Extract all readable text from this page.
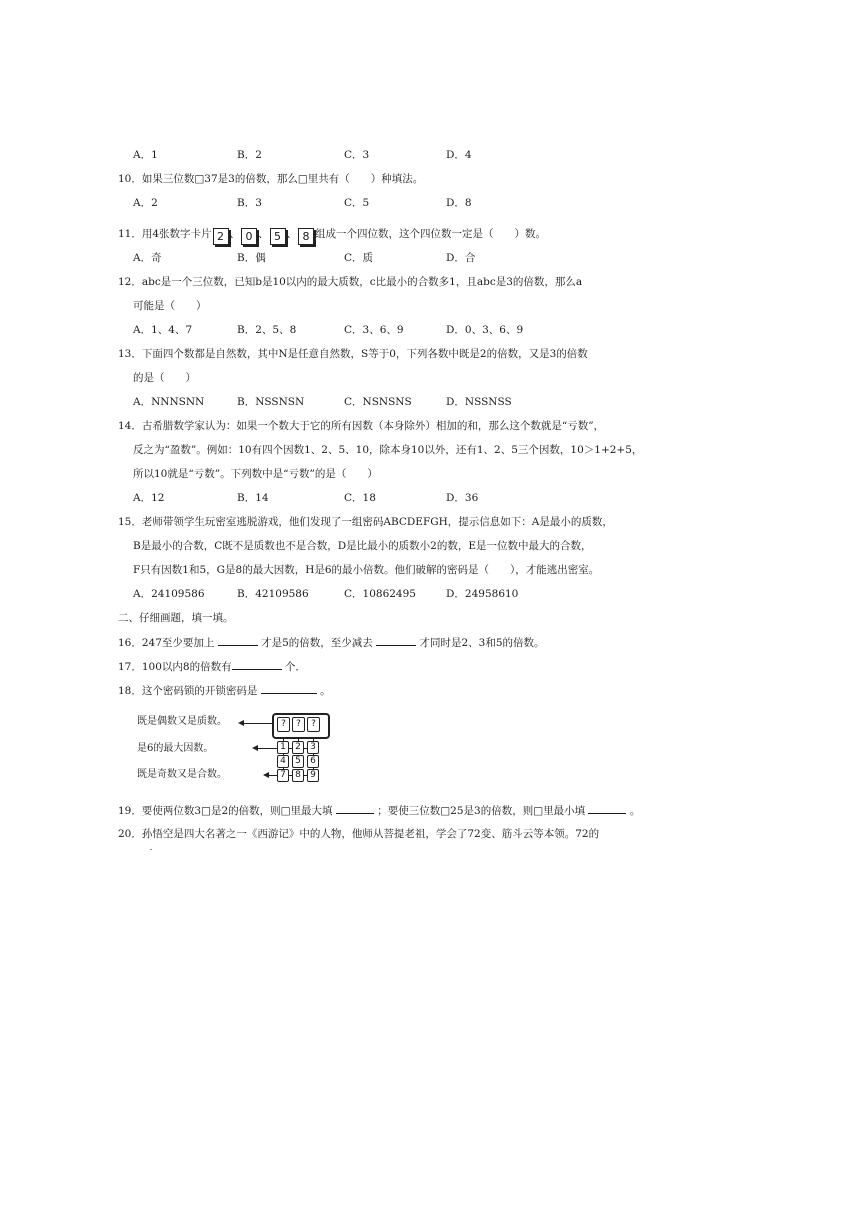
A．1	B．2	C．3	D．4
10．如果三位数□37是3的倍数，那么□里共有（　　）种填法。
A．2	B．3	C．5	D．8
11．用4张数字卡片 2 、 0 、 5 、 8 组成一个四位数，这个四位数一定是（　　）数。
A．奇	B．偶	C．质	D．合
12．abc是一个三位数，已知b是10以内的最大质数，c比最小的合数多1，且abc是3的倍数，那么a
可能是（　　）
A．1、4、7	B．2、5、8	C．3、6、9	D．0、3、6、9
13．下面四个数都是自然数，其中N是任意自然数，S等于0，下列各数中既是2的倍数，又是3的倍数
的是（　　）
A．NNNSNN	B．NSSNSN	C．NSNSNS	D．NSSNSS
14．古希腊数学家认为：如果一个数大于它的所有因数（本身除外）相加的和，那么这个数就是“亏数”，
反之为“盈数”。例如：10有四个因数1、2、5、10，除本身10以外，还有1、2、5三个因数，10＞1+2+5，
所以10就是“亏数”。下列数中是“亏数”的是（　　）
A．12	B．14	C．18	D．36
15．老师带领学生玩密室逃脱游戏，他们发现了一组密码ABCDEFGH，提示信息如下：A是最小的质数，
B是最小的合数，C既不是质数也不是合数，D是比最小的质数小2的数，E是一位数中最大的合数，
F只有因数1和5，G是8的最大因数，H是6的最小倍数。他们破解的密码是（　　），才能逃出密室。
A．24109586	B．42109586	C．10862495	D．24958610
二、仔细画题，填一填。
16．247至少要加上	才是5的倍数，至少减去	才同时是2、3和5的倍数。
17．100以内8的倍数有	个．
18．这个密码锁的开锁密码是	。
既是偶数又是质数。
是6的最大因数。
既是奇数又是合数。
?	?	?
1	2	3
4	5	6
7	8	9
19．要使两位数3□是2的倍数，则□里最大填	；要使三位数□25是3的倍数，则□里最小填	。
20．孙悟空是四大名著之一《西游记》中的人物，他师从菩提老祖，学会了72变、筋斗云等本领。72的
